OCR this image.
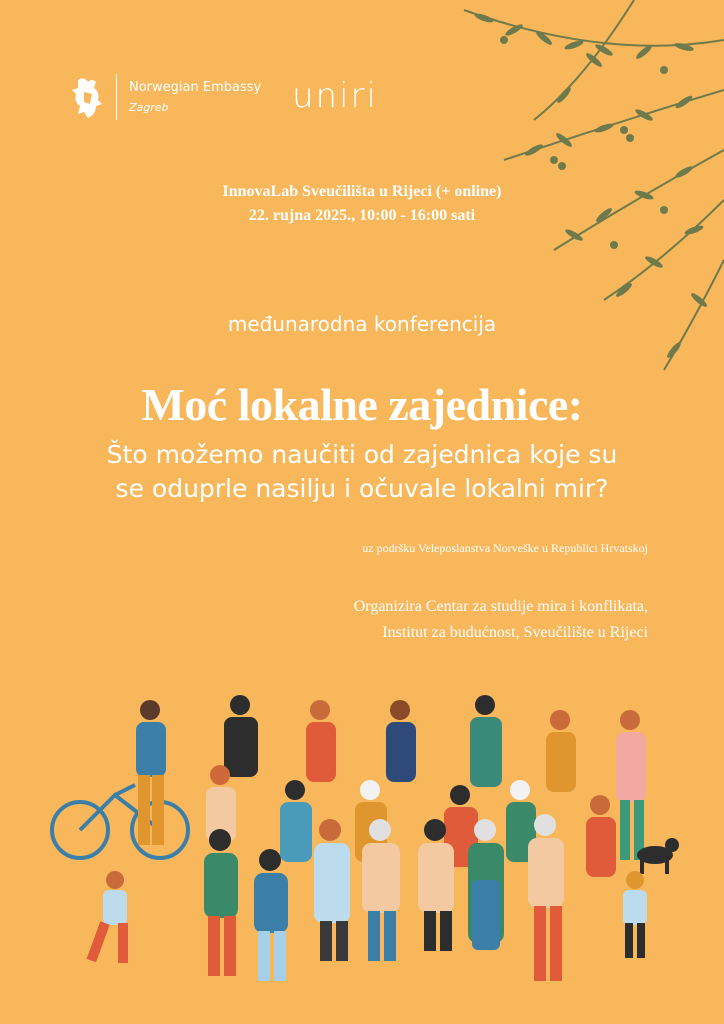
Norwegian Embassy
Zagreb	uniri
InnovaLab Sveučilišta u Rijeci (+ online)
22. rujna 2025., 10:00 - 16:00 sati
međunarodna konferencija
Moć lokalne zajednice:
Što možemo naučiti od zajednica koje su
se oduprle nasilju i očuvale lokalni mir?
uz podršku Veleposlanstva Norveške u Republici Hrvatskoj
Organizira Centar za studije mira i konflikata,
Institut za budućnost, Sveučilište u Rijeci
